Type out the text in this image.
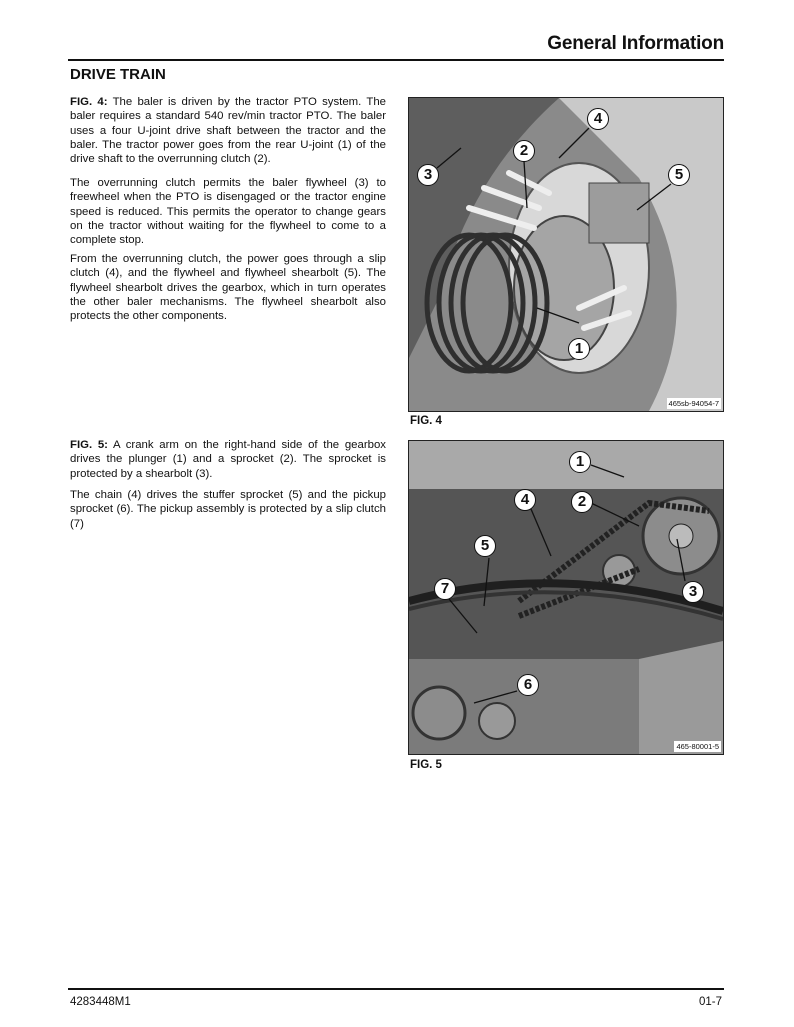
General Information
DRIVE TRAIN

FIG. 4: The baler is driven by the tractor PTO system. The baler requires a standard 540 rev/min tractor PTO. The baler uses a four U-joint drive shaft between the tractor and the baler. The tractor power goes from the rear U-joint (1) of the drive shaft to the overrunning clutch (2).

The overrunning clutch permits the baler flywheel (3) to freewheel when the PTO is disengaged or the tractor engine speed is reduced. This permits the operator to change gears on the tractor without waiting for the flywheel to come to a complete stop.

From the overrunning clutch, the power goes through a slip clutch (4), and the flywheel and flywheel shearbolt (5). The flywheel shearbolt drives the gearbox, which in turn operates the other baler mechanisms. The flywheel shearbolt also protects the other components.

1
2
3
4
5
465sb-94054-7
FIG. 4

FIG. 5: A crank arm on the right-hand side of the gearbox drives the plunger (1) and a sprocket (2). The sprocket is protected by a shearbolt (3).

The chain (4) drives the stuffer sprocket (5) and the pickup sprocket (6). The pickup assembly is protected by a slip clutch (7)

1
2
3
4
5
6
7
465-80001-5
FIG. 5
4283448M1	01-7
